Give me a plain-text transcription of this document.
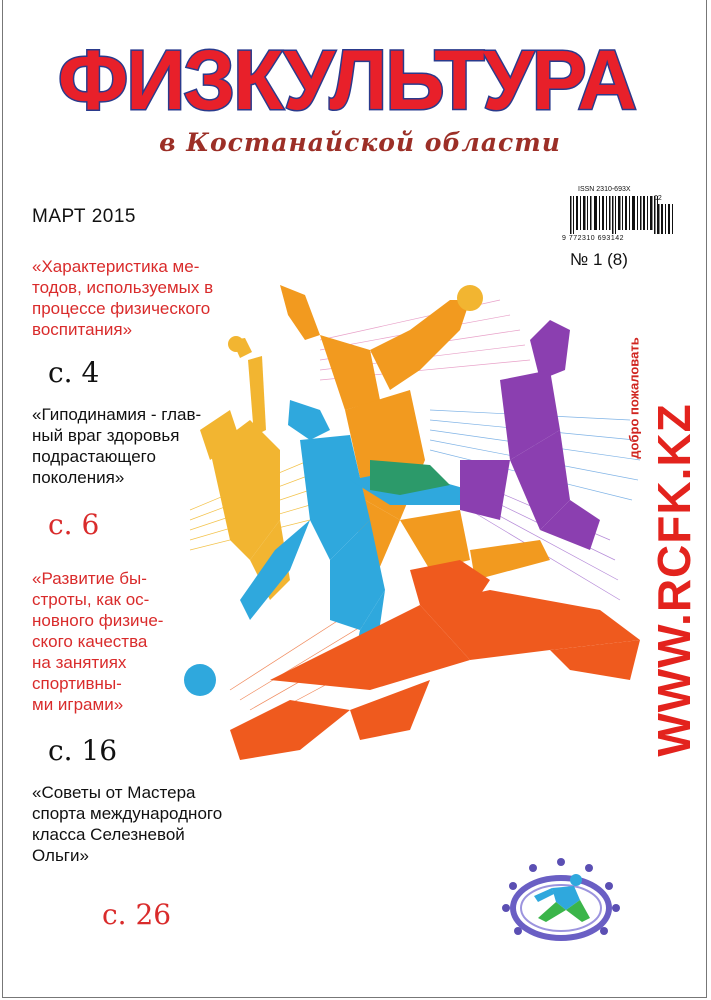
ФИЗКУЛЬТУРА
в Костанайской области
МАРТ 2015
ISSN 2310-693X
02
9 772310 693142
№ 1 (8)
«Характеристика ме-
тодов, используемых в
процессе физического
воспитания»
с. 4
«Гиподинамия - глав-
ный враг здоровья
подрастающего
поколения»
с. 6
«Развитие бы-
строты, как ос-
новного физиче-
ского качества
на занятиях
спортивны-
ми играми»
с. 16
«Советы от Мастера
спорта международного
класса Селезневой
Ольги»
с. 26
добро пожаловать
WWW.RCFK.KZ
